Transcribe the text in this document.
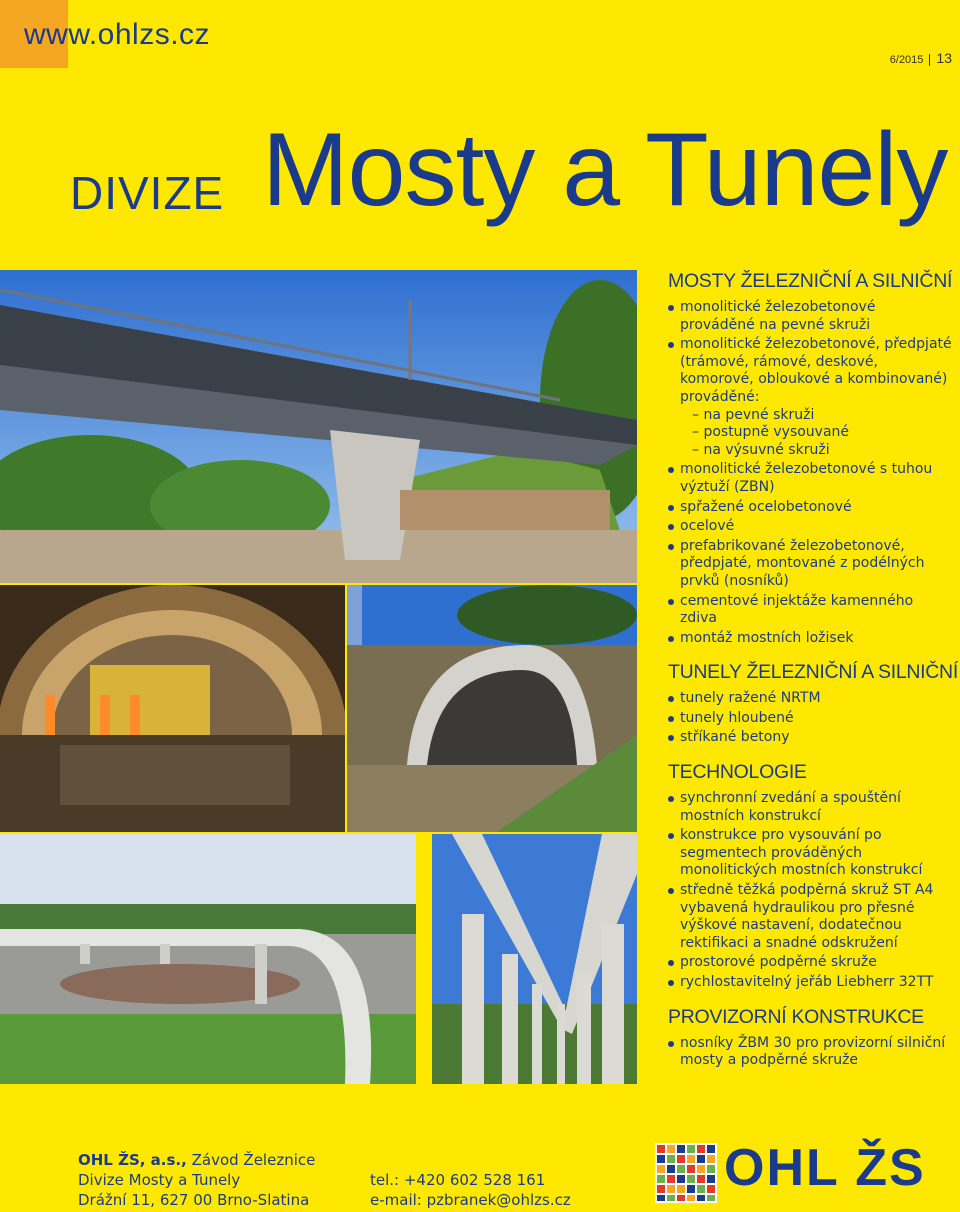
www.ohlzs.cz
6/2015 13
DIVIZE Mosty a Tunely
MOSTY ŽELEZNIČNÍ A SILNIČNÍ
monolitické železobetonové prováděné na pevné skruži
monolitické železobetonové, předpjaté (trámové, rámové, deskové, komorové, obloukové a kombinované) prováděné:
– na pevné skruži
– postupně vysouvané
– na výsuvné skruži
monolitické železobetonové s tuhou výztuží (ZBN)
spřažené ocelobetonové
ocelové
prefabrikované železobetonové, předpjaté, montované z podélných prvků (nosníků)
cementové injektáže kamenného zdiva
montáž mostních ložisek
TUNELY ŽELEZNIČNÍ A SILNIČNÍ
tunely ražené NRTM
tunely hloubené
stříkané betony
TECHNOLOGIE
synchronní zvedání a spouštění mostních konstrukcí
konstrukce pro vysouvání po segmentech prováděných monolitických mostních konstrukcí
středně těžká podpěrná skruž ST A4 vybavená hydraulikou pro přesné výškové nastavení, dodatečnou rektifikaci a snadné odskružení
prostorové podpěrné skruže
rychlostavitelný jeřáb Liebherr 32TT
PROVIZORNÍ KONSTRUKCE
nosníky ŽBM 30 pro provizorní silniční mosty a podpěrné skruže
OHL ŽS, a.s., Závod Železnice
Divize Mosty a Tunely
Drážní 11, 627 00 Brno-Slatina
tel.: +420 602 528 161
e-mail: pzbranek@ohlzs.cz
OHL ŽS
